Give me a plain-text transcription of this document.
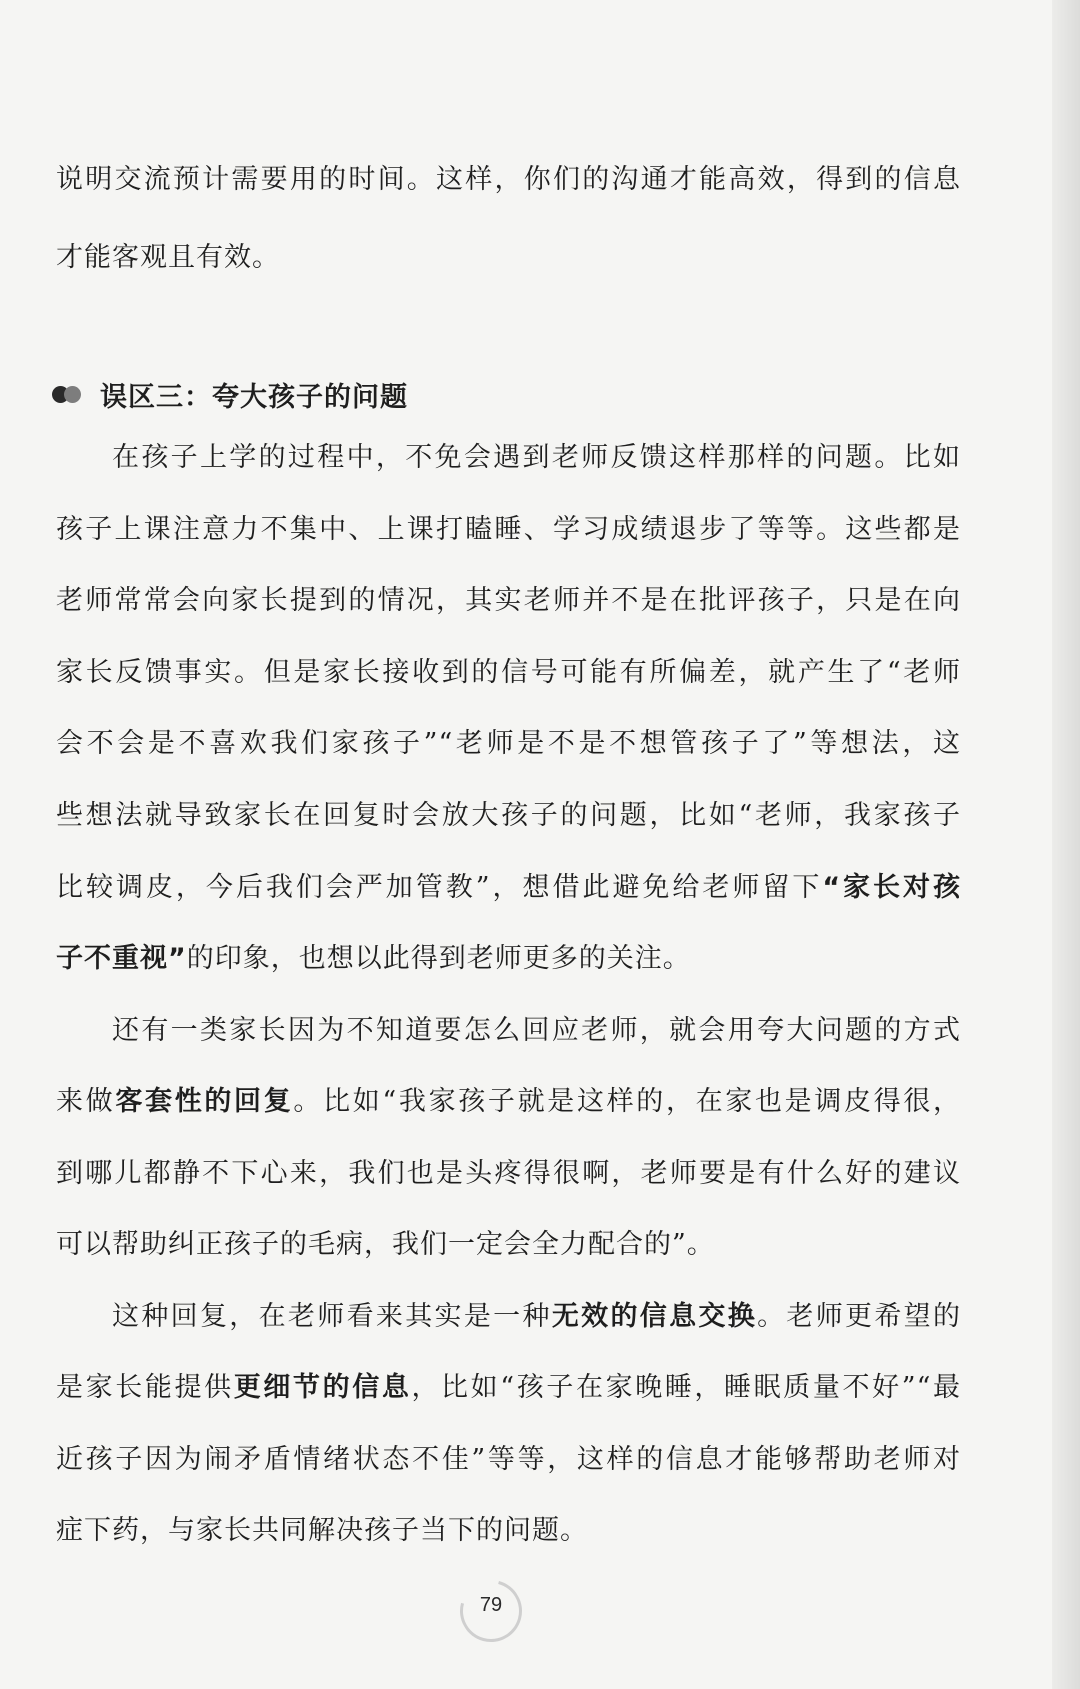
说明交流预计需要用的时间。这样，你们的沟通才能高效，得到的信息
才能客观且有效。
误区三：夸大孩子的问题
在孩子上学的过程中，不免会遇到老师反馈这样那样的问题。比如
孩子上课注意力不集中、上课打瞌睡、学习成绩退步了等等。这些都是
老师常常会向家长提到的情况，其实老师并不是在批评孩子，只是在向
家长反馈事实。但是家长接收到的信号可能有所偏差，就产生了“老师
会不会是不喜欢我们家孩子”“老师是不是不想管孩子了”等想法，这
些想法就导致家长在回复时会放大孩子的问题，比如“老师，我家孩子
比较调皮，今后我们会严加管教”，想借此避免给老师留下“家长对孩
子不重视”的印象，也想以此得到老师更多的关注。
还有一类家长因为不知道要怎么回应老师，就会用夸大问题的方式
来做客套性的回复。比如“我家孩子就是这样的，在家也是调皮得很，
到哪儿都静不下心来，我们也是头疼得很啊，老师要是有什么好的建议
可以帮助纠正孩子的毛病，我们一定会全力配合的”。
这种回复，在老师看来其实是一种无效的信息交换。老师更希望的
是家长能提供更细节的信息，比如“孩子在家晚睡，睡眠质量不好”“最
近孩子因为闹矛盾情绪状态不佳”等等，这样的信息才能够帮助老师对
症下药，与家长共同解决孩子当下的问题。
79
